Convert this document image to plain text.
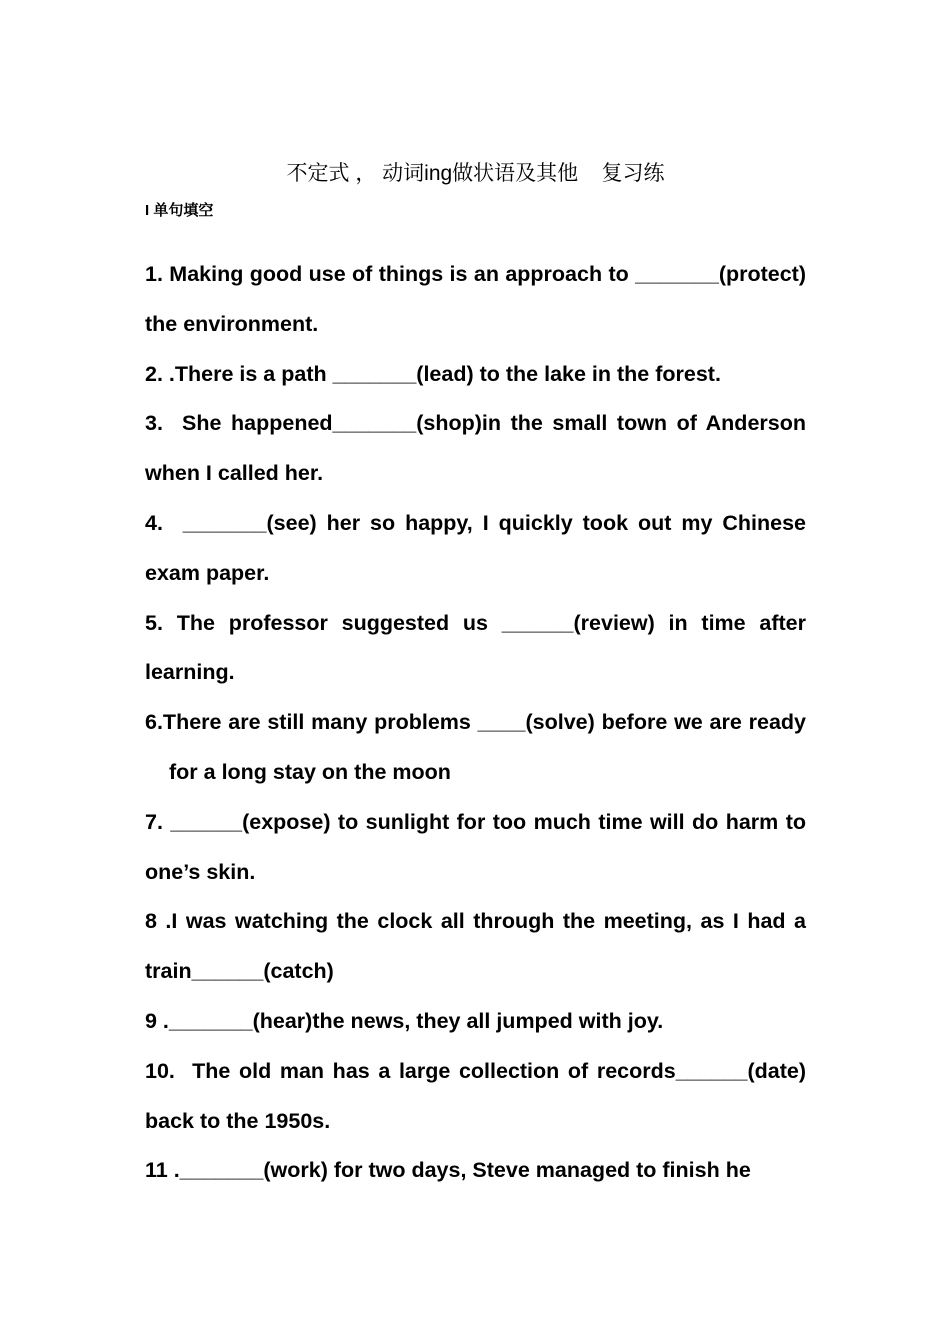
不定式 ， 动词ing做状语及其他    复习练
I 单句填空

1. Making good use of things is an approach to _______(protect) the environment.

2. .There is a path _______(lead) to the lake in the forest.

3.  She happened_______(shop)in the small town of Anderson when I called her.

4.  _______(see) her so happy, I quickly took out my Chinese exam paper.

5. The professor suggested us ______(review) in time after learning.

6.There are still many problems ____(solve) before we are ready for a long stay on the moon

7. ______(expose) to sunlight for too much time will do harm to one’s skin.

8 .I was watching the clock all through the meeting, as I had a train______(catch)

9 ._______(hear)the news, they all jumped with joy.

10.  The old man has a large collection of records______(date) back to the 1950s.

11 ._______(work) for two days, Steve managed to finish he
